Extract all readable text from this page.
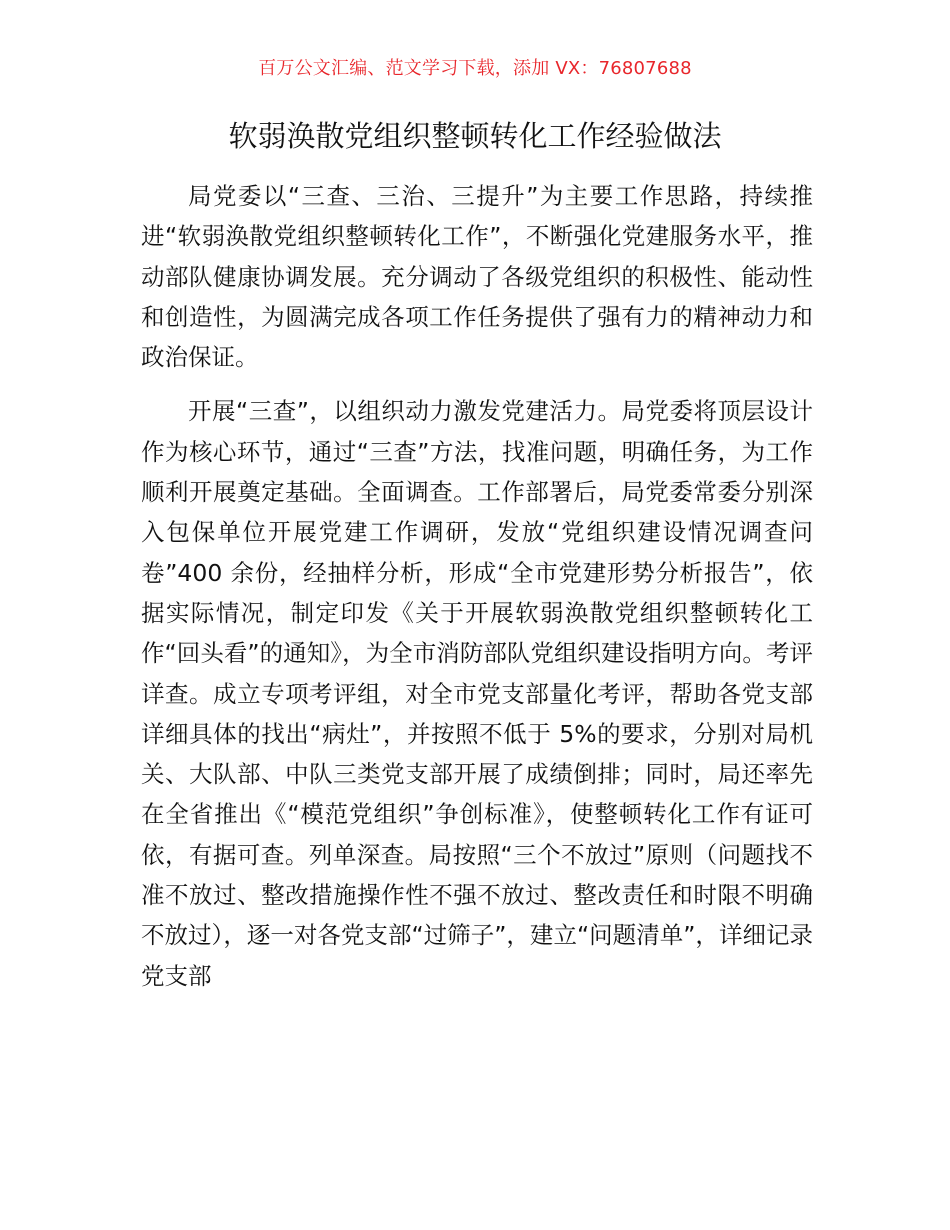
百万公文汇编、范文学习下载，添加 VX：76807688
软弱涣散党组织整顿转化工作经验做法

局党委以“三查、三治、三提升”为主要工作思路，持续推进“软弱涣散党组织整顿转化工作”，不断强化党建服务水平，推动部队健康协调发展。充分调动了各级党组织的积极性、能动性和创造性，为圆满完成各项工作任务提供了强有力的精神动力和政治保证。

开展“三查”，以组织动力激发党建活力。局党委将顶层设计作为核心环节，通过“三查”方法，找准问题，明确任务，为工作顺利开展奠定基础。全面调查。工作部署后，局党委常委分别深入包保单位开展党建工作调研，发放“党组织建设情况调查问卷”400 余份，经抽样分析，形成“全市党建形势分析报告”，依据实际情况，制定印发《关于开展软弱涣散党组织整顿转化工作“回头看”的通知》，为全市消防部队党组织建设指明方向。考评详查。成立专项考评组，对全市党支部量化考评，帮助各党支部详细具体的找出“病灶”，并按照不低于 5%的要求，分别对局机关、大队部、中队三类党支部开展了成绩倒排；同时，局还率先在全省推出《“模范党组织”争创标准》，使整顿转化工作有证可依，有据可查。列单深查。局按照“三个不放过”原则（问题找不准不放过、整改措施操作性不强不放过、整改责任和时限不明确不放过），逐一对各党支部“过筛子”，建立“问题清单”，详细记录党支部
